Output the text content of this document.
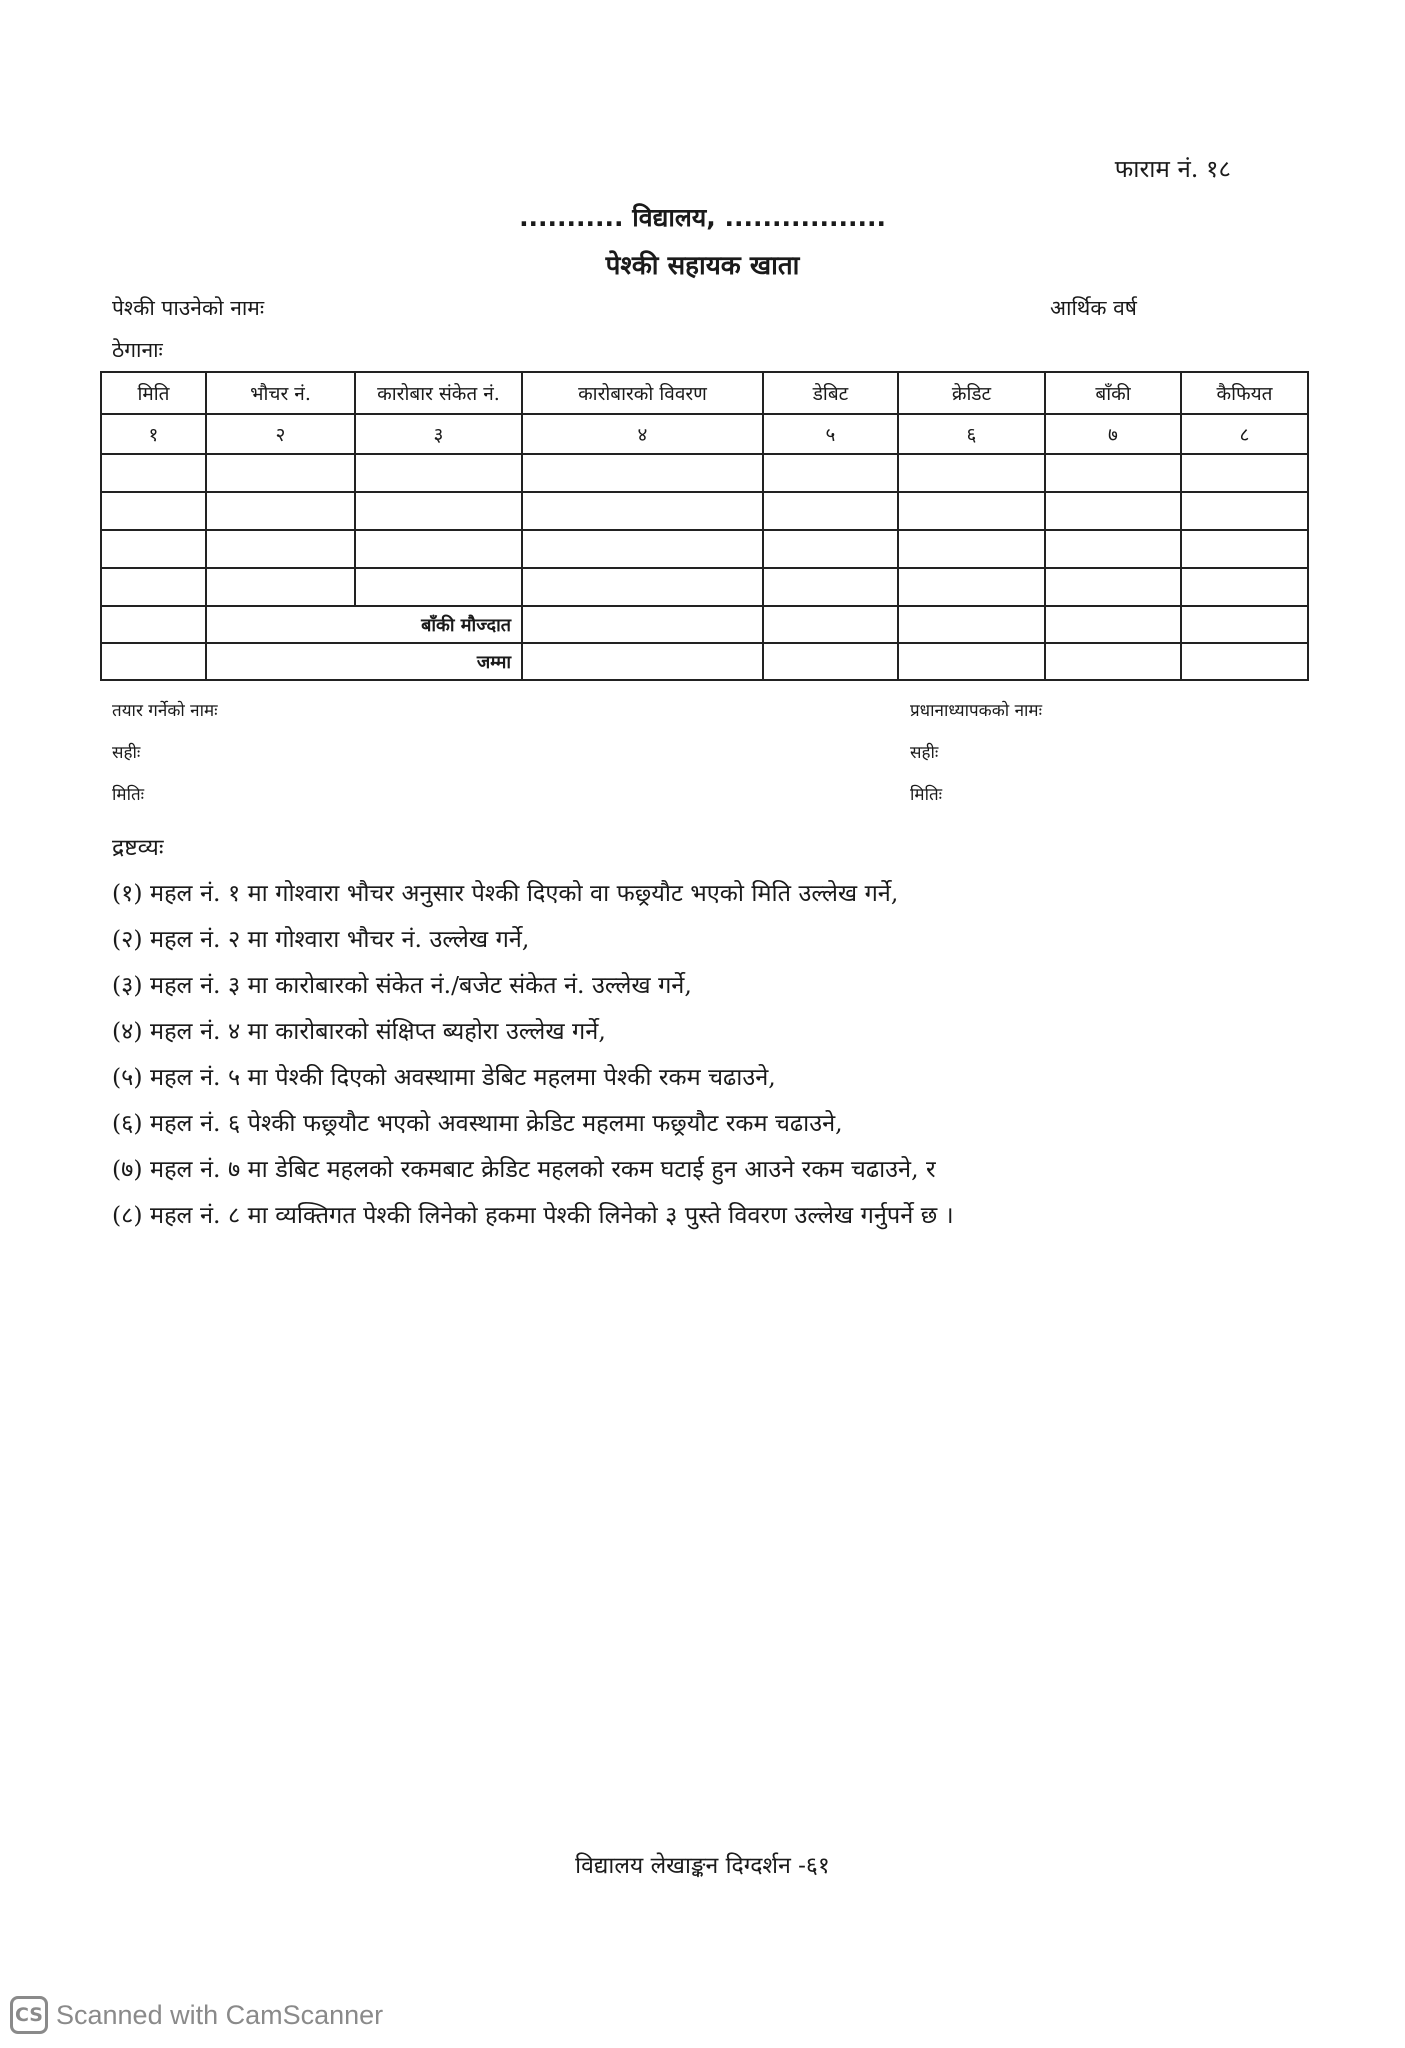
फाराम नं. १८
........... विद्यालय, .................
पेश्की सहायक खाता
पेश्की पाउनेको नामः	आर्थिक वर्ष
ठेगानाः
मिति	भौचर नं.	कारोबार संकेत नं.	कारोबारको विवरण	डेबिट	क्रेडिट	बाँकी	कैफियत
१	२	३	४	५	६	७	८

	बाँकी मौज्दात						
	जम्मा						
तयार गर्नेको नामः
सहीः
मितिः
प्रधानाध्यापकको नामः
सहीः
मितिः
द्रष्टव्यः
(१) महल नं. १ मा गोश्वारा भौचर अनुसार पेश्की दिएको वा फछ्र्यौट भएको मिति उल्लेख गर्ने,
(२) महल नं. २ मा गोश्वारा भौचर नं. उल्लेख गर्ने,
(३) महल नं. ३ मा कारोबारको संकेत नं./बजेट संकेत नं. उल्लेख गर्ने,
(४) महल नं. ४ मा कारोबारको संक्षिप्त ब्यहोरा उल्लेख गर्ने,
(५) महल नं. ५ मा पेश्की दिएको अवस्थामा डेबिट महलमा पेश्की रकम चढाउने,
(६) महल नं. ६ पेश्की फछ्र्यौट भएको अवस्थामा क्रेडिट महलमा फछ्र्यौट रकम चढाउने,
(७) महल नं. ७ मा डेबिट महलको रकमबाट क्रेडिट महलको रकम घटाई हुन आउने रकम चढाउने, र
(८) महल नं. ८ मा व्यक्तिगत पेश्की लिनेको हकमा पेश्की लिनेको ३ पुस्ते विवरण उल्लेख गर्नुपर्ने छ ।
विद्यालय लेखाङ्कन दिग्दर्शन -६१
CS Scanned with CamScanner
